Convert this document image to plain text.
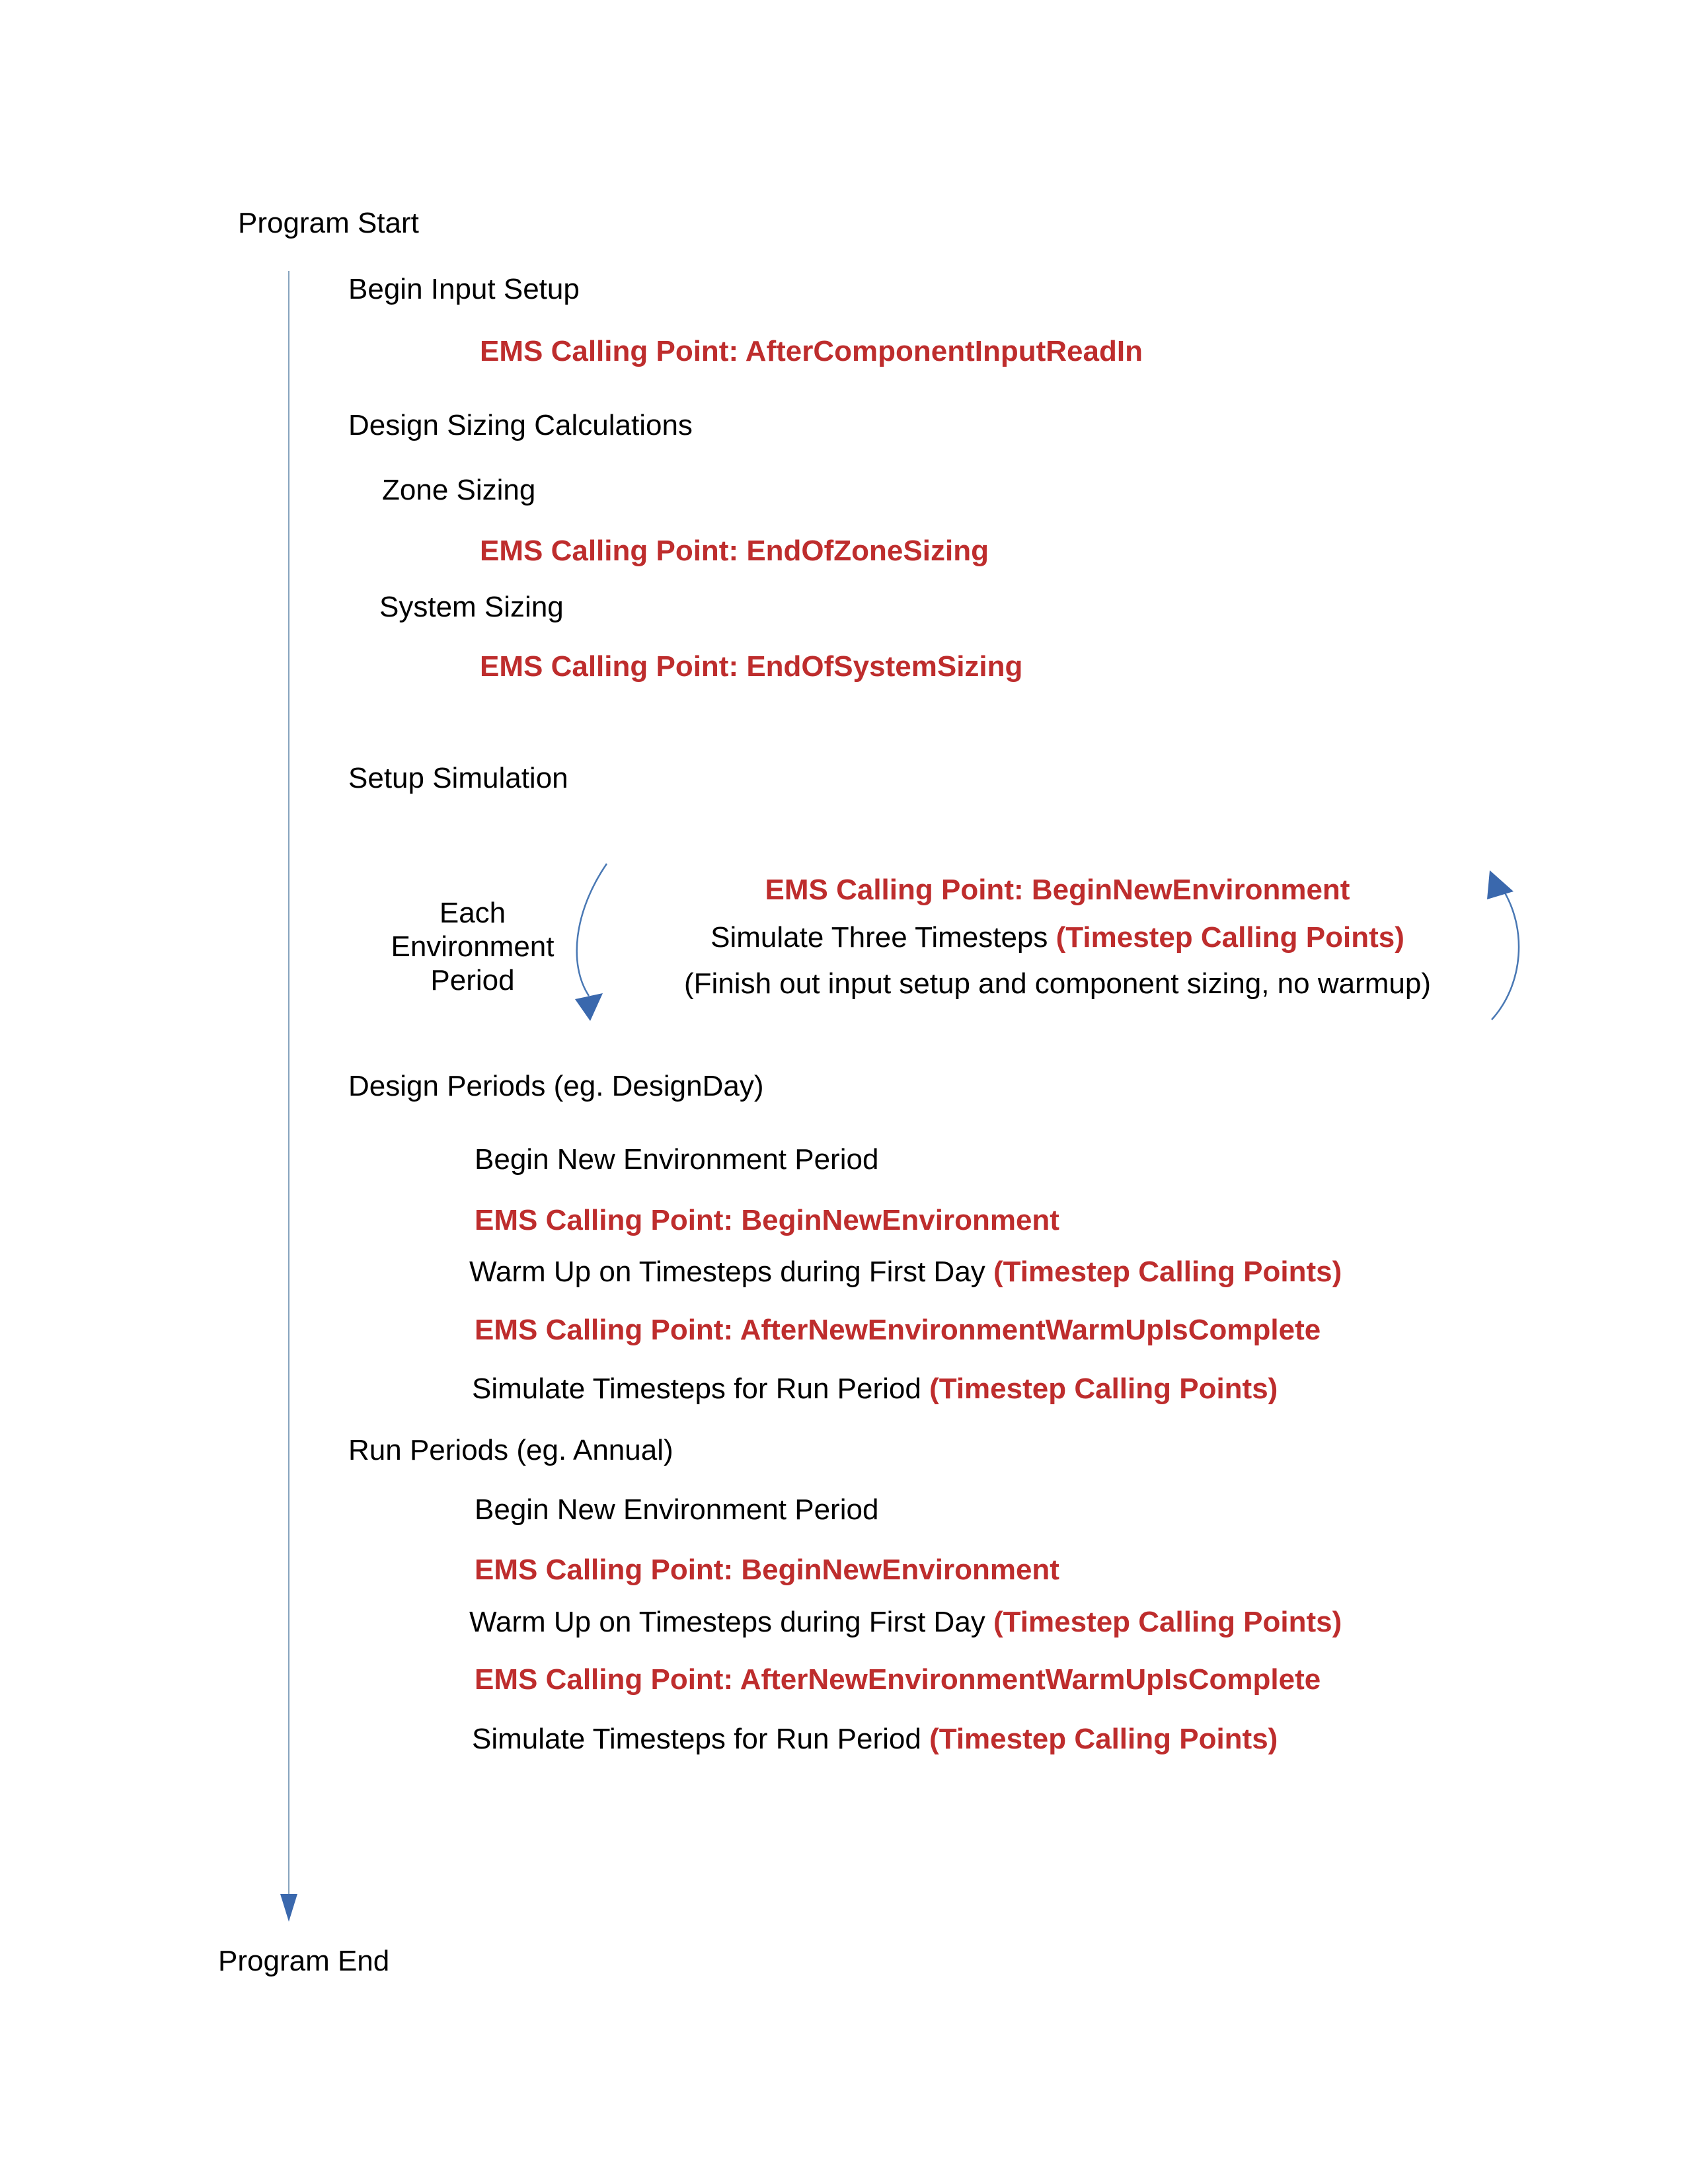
Program Start
Begin Input Setup
EMS Calling Point: AfterComponentInputReadIn
Design Sizing Calculations
Zone Sizing
EMS Calling Point: EndOfZoneSizing
System Sizing
EMS Calling Point: EndOfSystemSizing
Setup Simulation
Each
Environment
Period
EMS Calling Point: BeginNewEnvironment
Simulate Three Timesteps (Timestep Calling Points)
(Finish out input setup and component sizing, no warmup)
Design Periods (eg. DesignDay)
Begin New Environment Period
EMS Calling Point: BeginNewEnvironment
Warm Up on Timesteps during First Day (Timestep Calling Points)
EMS Calling Point: AfterNewEnvironmentWarmUpIsComplete
Simulate Timesteps for Run Period (Timestep Calling Points)
Run Periods (eg. Annual)
Begin New Environment Period
EMS Calling Point: BeginNewEnvironment
Warm Up on Timesteps during First Day (Timestep Calling Points)
EMS Calling Point: AfterNewEnvironmentWarmUpIsComplete
Simulate Timesteps for Run Period (Timestep Calling Points)
Program End
